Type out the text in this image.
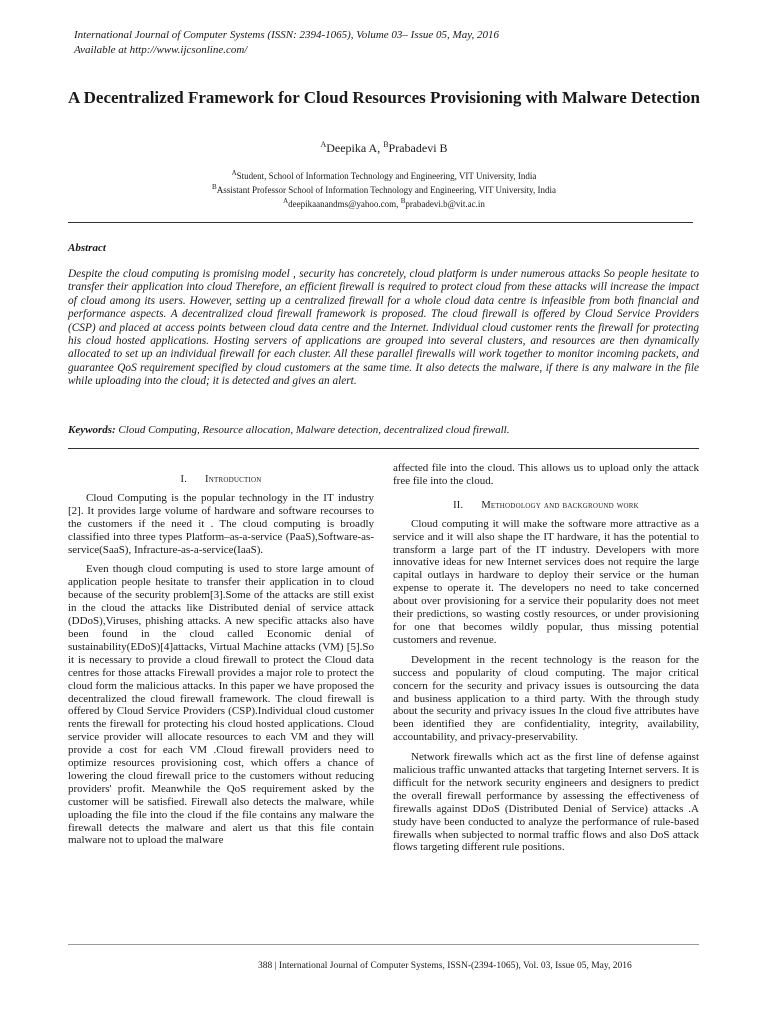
International Journal of Computer Systems (ISSN: 2394-1065), Volume 03– Issue 05, May, 2016
Available at http://www.ijcsonline.com/
A Decentralized Framework for Cloud Resources Provisioning with Malware Detection
$^A$Deepika A, $^B$Prabadevi B
$^A$Student, School of Information Technology and Engineering, VIT University, India
$^B$Assistant Professor School of Information Technology and Engineering, VIT University, India
$^A$deepikaanandms@yahoo.com, $^B$prabadevi.b@vit.ac.in
Abstract
Despite the cloud computing is promising model , security has concretely, cloud platform is under numerous attacks So people hesitate to transfer their application into cloud Therefore, an efficient firewall is required to protect cloud from these attacks will increase the impact of cloud among its users. However, setting up a centralized firewall for a whole cloud data centre is infeasible from both financial and performance aspects. A decentralized cloud firewall framework is proposed. The cloud firewall is offered by Cloud Service Providers (CSP) and placed at access points between cloud data centre and the Internet. Individual cloud customer rents the firewall for protecting his cloud hosted applications. Hosting servers of applications are grouped into several clusters, and resources are then dynamically allocated to set up an individual firewall for each cluster. All these parallel firewalls will work together to monitor incoming packets, and guarantee QoS requirement specified by cloud customers at the same time. It also detects the malware, if there is any malware in the file while uploading into the cloud; it is detected and gives an alert.
Keywords: Cloud Computing, Resource allocation, Malware detection, decentralized cloud firewall.
I. Introduction

Cloud Computing is the popular technology in the IT industry [2]. It provides large volume of hardware and software recourses to the customers if the need it . The cloud computing is broadly classified into three types Platform–as-a-service (PaaS),Software-as-service(SaaS), Infracture-as-a-service(IaaS).

Even though cloud computing is used to store large amount of application people hesitate to transfer their application in to cloud because of the security problem[3].Some of the attacks are still exist in the cloud the attacks like Distributed denial of service attack (DDoS),Viruses, phishing attacks. A new specific attacks also have been found in the cloud called Economic denial of sustainability(EDoS)[4]attacks, Virtual Machine attacks (VM) [5].So it is necessary to provide a cloud firewall to protect the Cloud data centres for those attacks Firewall provides a major role to protect the cloud form the malicious attacks. In this paper we have proposed the decentralized the cloud firewall framework. The cloud firewall is offered by Cloud Service Providers (CSP).Individual cloud customer rents the firewall for protecting his cloud hosted applications. Cloud service provider will allocate resources to each VM and they will provide a cost for each VM .Cloud firewall providers need to optimize resources provisioning cost, which offers a chance of lowering the cloud firewall price to the customers without reducing providers' profit. Meanwhile the QoS requirement asked by the customer will be satisfied. Firewall also detects the malware, while uploading the file into the cloud if the file contains any malware the firewall detects the malware and alert us that this file contain malware not to upload the malware

affected file into the cloud. This allows us to upload only the attack free file into the cloud.

II. Methodology and background work

Cloud computing it will make the software more attractive as a service and it will also shape the IT hardware, it has the potential to transform a large part of the IT industry. Developers with more innovative ideas for new Internet services does not require the large capital outlays in hardware to deploy their service or the human expense to operate it. The developers no need to take concerned about over provisioning for a service their popularity does not meet their predictions, so wasting costly resources, or under provisioning for one that becomes wildly popular, thus missing potential customers and revenue.

Development in the recent technology is the reason for the success and popularity of cloud computing. The major critical concern for the security and privacy issues is outsourcing the data and business application to a third party. With the through study about the security and privacy issues In the cloud five attributes have been identified they are confidentiality, integrity, availability, accountability, and privacy-preservability.

Network firewalls which act as the first line of defense against malicious traffic unwanted attacks that targeting Internet servers. It is difficult for the network security engineers and designers to predict the overall firewall performance by assessing the effectiveness of firewalls against DDoS (Distributed Denial of Service) attacks .A study have been conducted to analyze the performance of rule-based firewalls when subjected to normal traffic flows and also DoS attack flows targeting different rule positions.

388 | International Journal of Computer Systems, ISSN-(2394-1065), Vol. 03, Issue 05, May, 2016
